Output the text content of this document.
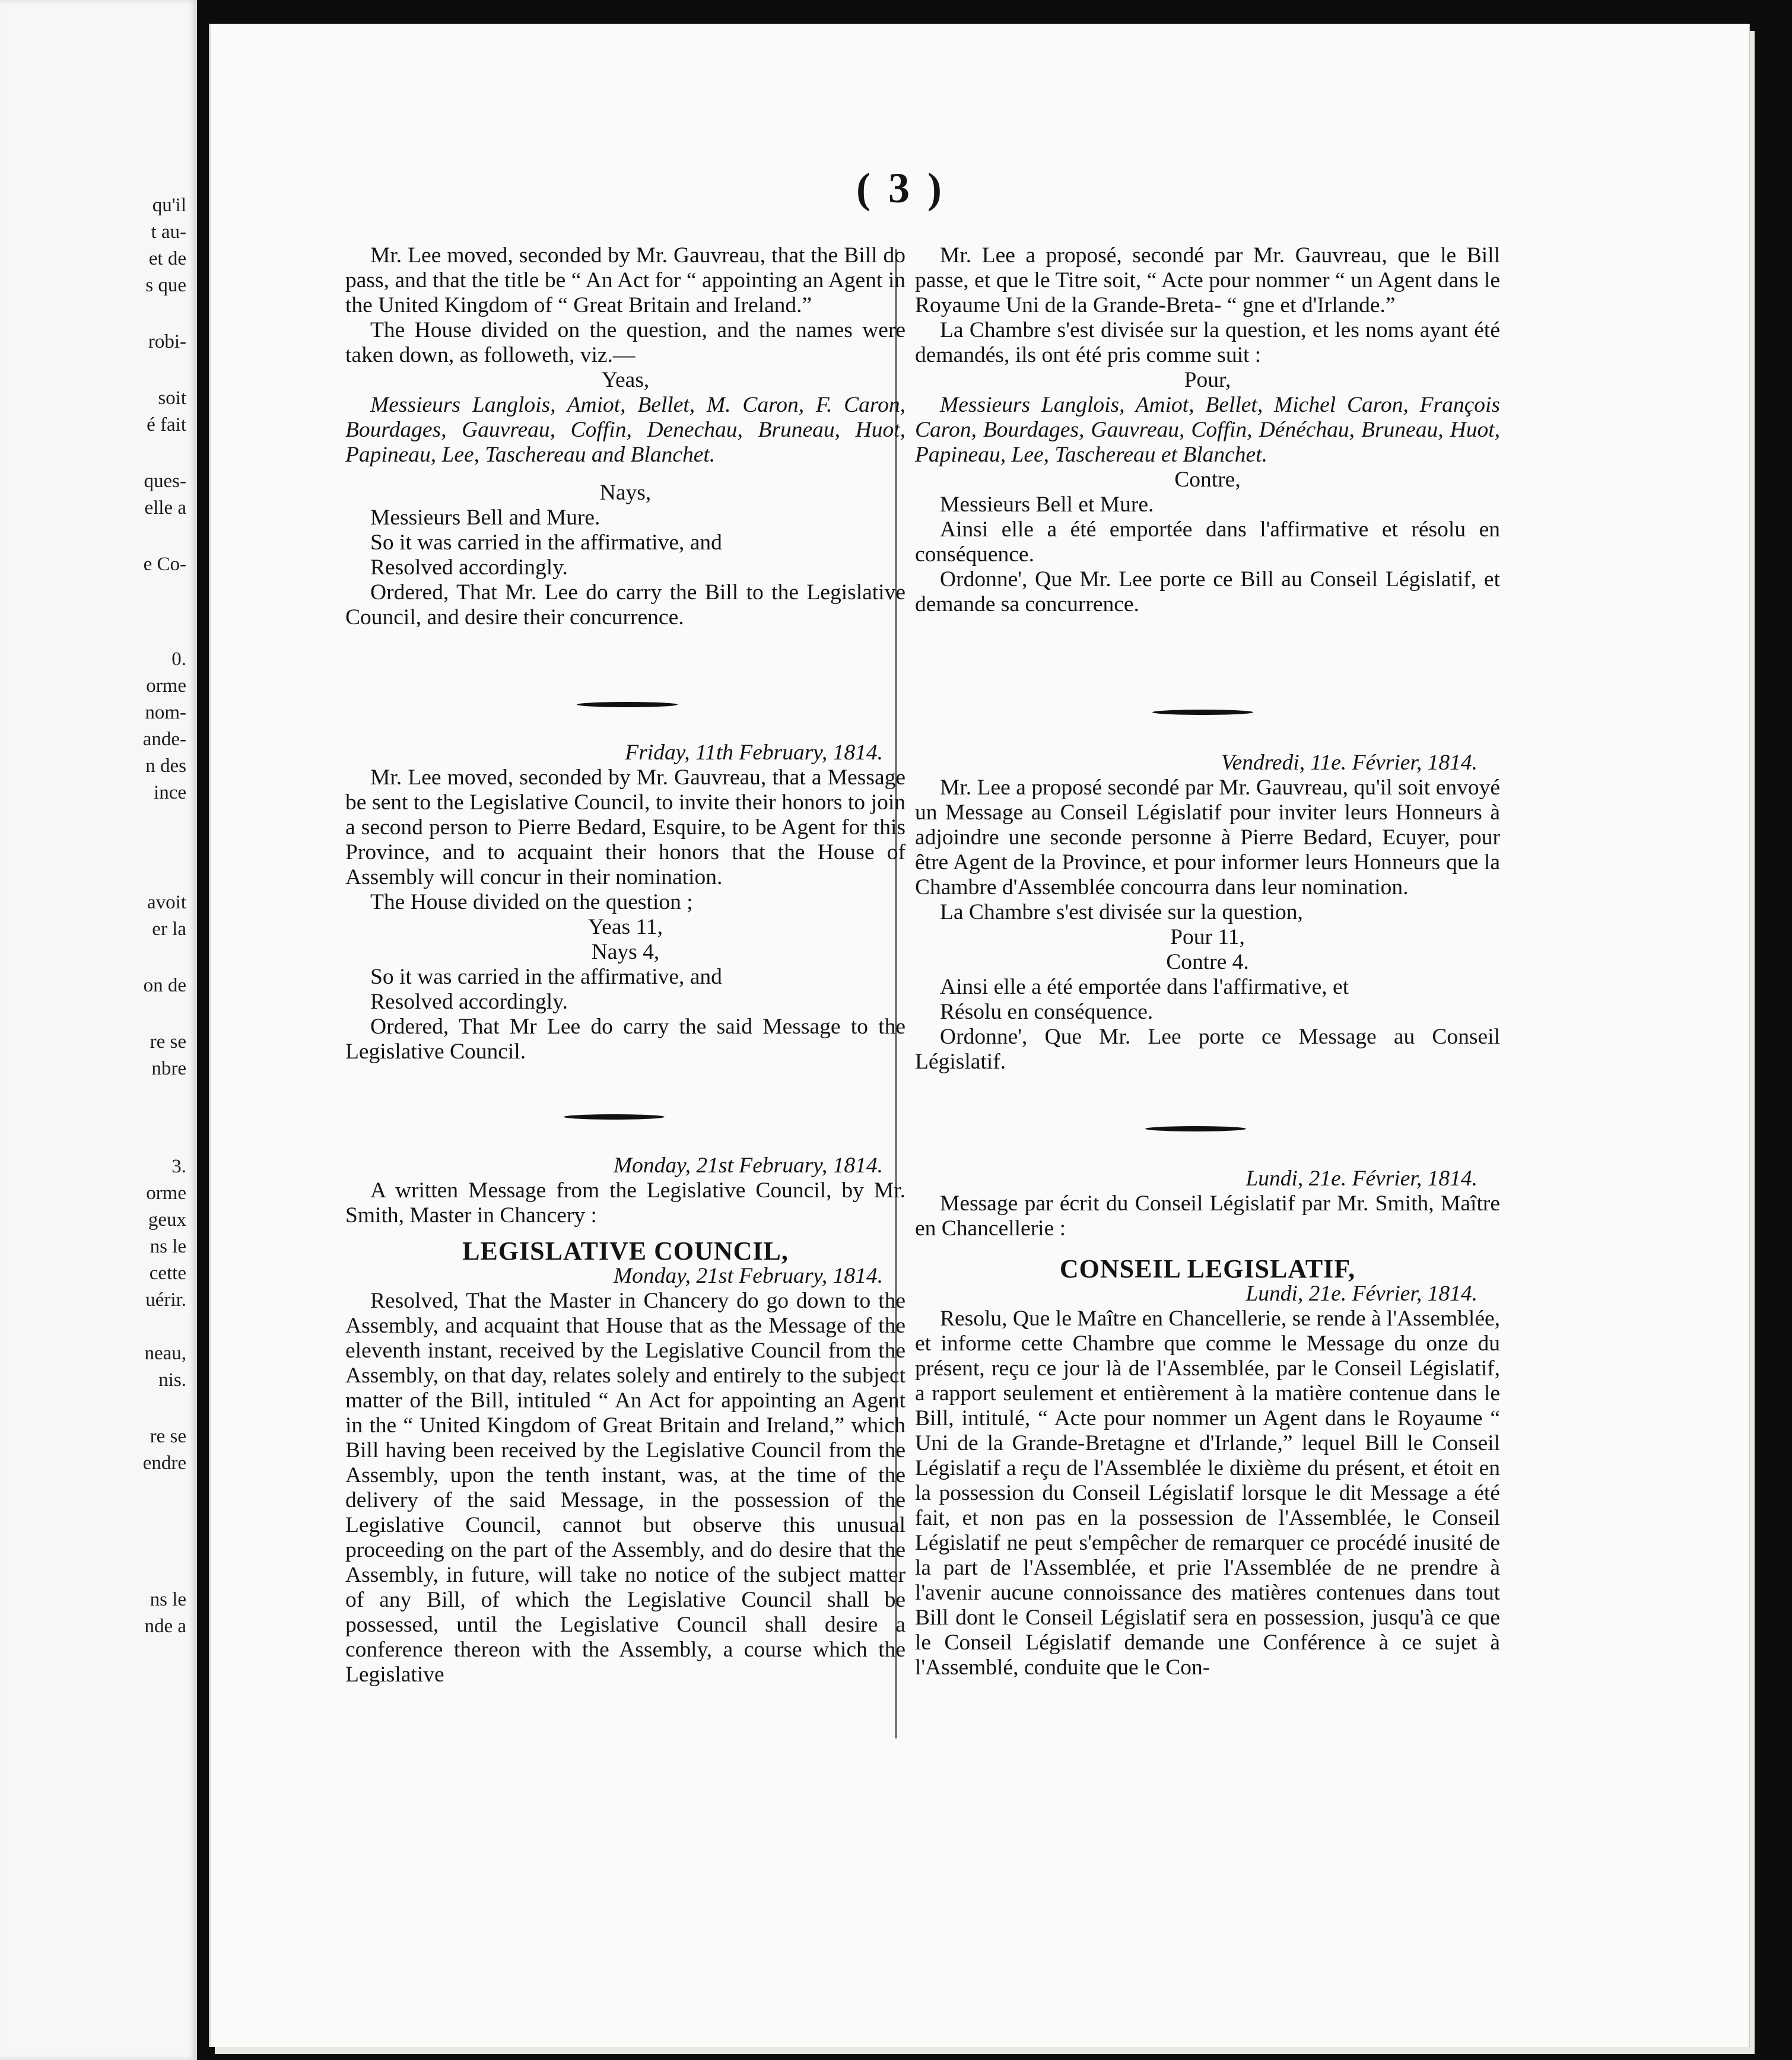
qu'il
t au-
et de
s que
robi-
soit
é fait
ques-
elle a
e Co-
0.
orme
nom-
ande-
n des
ince
avoit
er la
on de
re se
nbre
3.
orme
geux
ns le
cette
uérir.
neau,
nis.
re se
endre
ns le
nde a
( 3 )

Mr. Lee moved, seconded by Mr. Gauvreau, that the Bill do pass, and that the title be “ An Act for “ appointing an Agent in the United Kingdom of “ Great Britain and Ireland.”

The House divided on the question, and the names were taken down, as followeth, viz.—

Yeas,

Messieurs Langlois, Amiot, Bellet, M. Caron, F. Caron, Bourdages, Gauvreau, Coffin, Denechau, Bruneau, Huot, Papineau, Lee, Taschereau and Blanchet.

Nays,

Messieurs Bell and Mure.

So it was carried in the affirmative, and

Resolved accordingly.

Ordered, That Mr. Lee do carry the Bill to the Legislative Council, and desire their concurrence.

Friday, 11th February, 1814.

Mr. Lee moved, seconded by Mr. Gauvreau, that a Message be sent to the Legislative Council, to invite their honors to join a second person to Pierre Bedard, Esquire, to be Agent for this Province, and to acquaint their honors that the House of Assembly will concur in their nomination.

The House divided on the question ;

Yeas 11,

Nays 4,

So it was carried in the affirmative, and

Resolved accordingly.

Ordered, That Mr Lee do carry the said Message to the Legislative Council.

Monday, 21st February, 1814.

A written Message from the Legislative Council, by Mr. Smith, Master in Chancery :

LEGISLATIVE COUNCIL,

Monday, 21st February, 1814.

Resolved, That the Master in Chancery do go down to the Assembly, and acquaint that House that as the Message of the eleventh instant, received by the Legislative Council from the Assembly, on that day, relates solely and entirely to the subject matter of the Bill, intituled “ An Act for appointing an Agent in the “ United Kingdom of Great Britain and Ireland,” which Bill having been received by the Legislative Council from the Assembly, upon the tenth instant, was, at the time of the delivery of the said Message, in the possession of the Legislative Council, cannot but observe this unusual proceeding on the part of the Assembly, and do desire that the Assembly, in future, will take no notice of the subject matter of any Bill, of which the Legislative Council shall be possessed, until the Legislative Council shall desire a conference thereon with the Assembly, a course which the Legislative

Mr. Lee a proposé, secondé par Mr. Gauvreau, que le Bill passe, et que le Titre soit, “ Acte pour nommer “ un Agent dans le Royaume Uni de la Grande-Breta- “ gne et d'Irlande.”

La Chambre s'est divisée sur la question, et les noms ayant été demandés, ils ont été pris comme suit :

Pour,

Messieurs Langlois, Amiot, Bellet, Michel Caron, François Caron, Bourdages, Gauvreau, Coffin, Dénéchau, Bruneau, Huot, Papineau, Lee, Taschereau et Blanchet.

Contre,

Messieurs Bell et Mure.

Ainsi elle a été emportée dans l'affirmative et résolu en conséquence.

Ordonne', Que Mr. Lee porte ce Bill au Conseil Législatif, et demande sa concurrence.

Vendredi, 11e. Février, 1814.

Mr. Lee a proposé secondé par Mr. Gauvreau, qu'il soit envoyé un Message au Conseil Législatif pour inviter leurs Honneurs à adjoindre une seconde personne à Pierre Bedard, Ecuyer, pour être Agent de la Province, et pour informer leurs Honneurs que la Chambre d'Assemblée concourra dans leur nomination.

La Chambre s'est divisée sur la question,

Pour 11,

Contre 4.

Ainsi elle a été emportée dans l'affirmative, et

Résolu en conséquence.

Ordonne', Que Mr. Lee porte ce Message au Conseil Législatif.

Lundi, 21e. Février, 1814.

Message par écrit du Conseil Législatif par Mr. Smith, Maître en Chancellerie :

CONSEIL LEGISLATIF,

Lundi, 21e. Février, 1814.

Resolu, Que le Maître en Chancellerie, se rende à l'Assemblée, et informe cette Chambre que comme le Message du onze du présent, reçu ce jour là de l'Assemblée, par le Conseil Législatif, a rapport seulement et entièrement à la matière contenue dans le Bill, intitulé, “ Acte pour nommer un Agent dans le Royaume “ Uni de la Grande-Bretagne et d'Irlande,” lequel Bill le Conseil Législatif a reçu de l'Assemblée le dixième du présent, et étoit en la possession du Conseil Législatif lorsque le dit Message a été fait, et non pas en la possession de l'Assemblée, le Conseil Législatif ne peut s'empêcher de remarquer ce procédé inusité de la part de l'Assemblée, et prie l'Assemblée de ne prendre à l'avenir aucune connoissance des matières contenues dans tout Bill dont le Conseil Législatif sera en possession, jusqu'à ce que le Conseil Législatif demande une Conférence à ce sujet à l'Assemblé, conduite que le Con-
